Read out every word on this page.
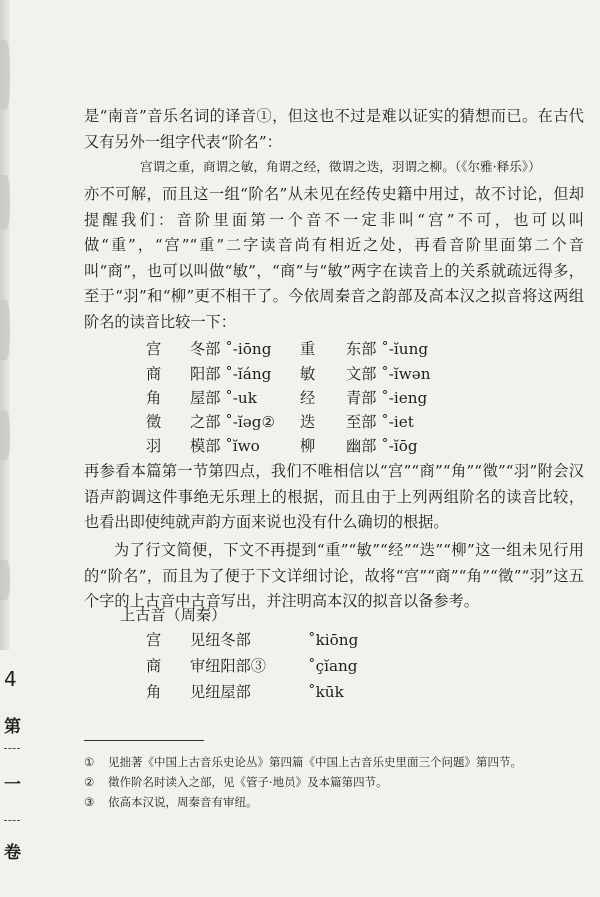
是“南音”音乐名词的译音①，但这也不过是难以证实的猜想而已。在古代又有另外一组字代表“阶名”：

宫谓之重，商谓之敏，角谓之经，徵谓之迭，羽谓之柳。（《尔雅·释乐》）

亦不可解，而且这一组“阶名”从未见在经传史籍中用过，故不讨论，但却提醒我们：音阶里面第一个音不一定非叫“宫”不可，也可以叫做“重”，“宫”“重”二字读音尚有相近之处，再看音阶里面第二个音叫“商”，也可以叫做“敏”，“商”与“敏”两字在读音上的关系就疏远得多，至于“羽”和“柳”更不相干了。今依周秦音之韵部及高本汉之拟音将这两组阶名的读音比较一下：

宫 冬部 ˚-iōng 重 东部 ˚-ĭung
商 阳部 ˚-ĭáng 敏 文部 ˚-ĭwən
角 屋部 ˚-uk	经 青部 ˚-ieng
徵 之部 ˚-ĭəg② 迭 至部 ˚-iet
羽 模部 ˚ĭwo	柳 幽部 ˚-ĭōg

再参看本篇第一节第四点，我们不唯相信以“宫”“商”“角”“徵”“羽”附会汉语声韵调这件事绝无乐理上的根据，而且由于上列两组阶名的读音比较，也看出即使纯就声韵方面来说也没有什么确切的根据。

为了行文简便，下文不再提到“重”“敏”“经”“迭”“柳”这一组未见行用的“阶名”，而且为了便于下文详细讨论，故将“宫”“商”“角”“徵”“羽”这五个字的上古音中古音写出，并注明高本汉的拟音以备参考。

上古音（周秦）

宫 见纽冬部	˚kiōng
商 审纽阳部③	˚çĭang
角 见纽屋部	˚kūk
4
第
一
卷

① 见拙著《中国上古音乐史论丛》第四篇《中国上古音乐史里面三个问题》第四节。

② 徵作阶名时读入之部，见《管子·地员》及本篇第四节。

③ 依高本汉说，周秦音有审纽。
